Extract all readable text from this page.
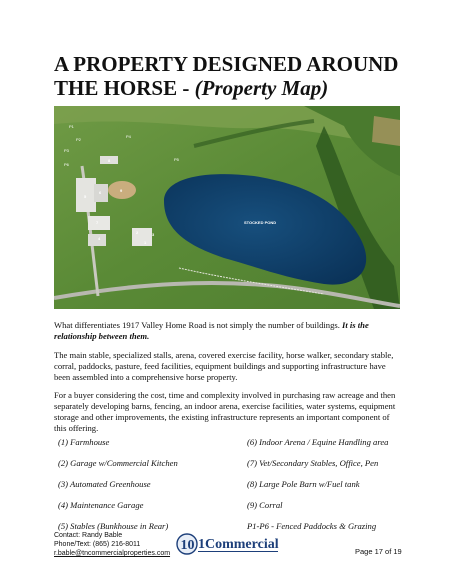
A PROPERTY DESIGNED AROUND THE HORSE - (Property Map)
P1
P2
P3
P4
P5
P6
1
2	3
4
5
6
7
8
9
STOCKED POND

What differentiates 1917 Valley Home Road is not simply the number of buildings. It is the relationship between them.

The main stable, specialized stalls, arena, covered exercise facility, horse walker, secondary stable, corral, paddocks, pasture, feed facilities, equipment buildings and supporting infrastructure have been assembled into a comprehensive horse property.

For a buyer considering the cost, time and complexity involved in purchasing raw acreage and then separately developing barns, fencing, an indoor arena, exercise facilities, water systems, equipment storage and other improvements, the existing infrastructure represents an important component of this offering.

(1) Farmhouse
(2) Garage w/Commercial Kitchen
(3) Automated Greenhouse
(4) Maintenance Garage
(5) Stables (Bunkhouse in Rear)
(6) Indoor Arena / Equine Handling area
(7) Vet/Secondary Stables, Office, Pen
(8) Large Pole Barn w/Fuel tank
(9) Corral
P1-P6 - Fenced Paddocks & Grazing
Contact: Randy Bable
Phone/Text: (865) 216-8011
r.bable@tncommercialproperties.com
10 1Commercial	Page 17 of 19
